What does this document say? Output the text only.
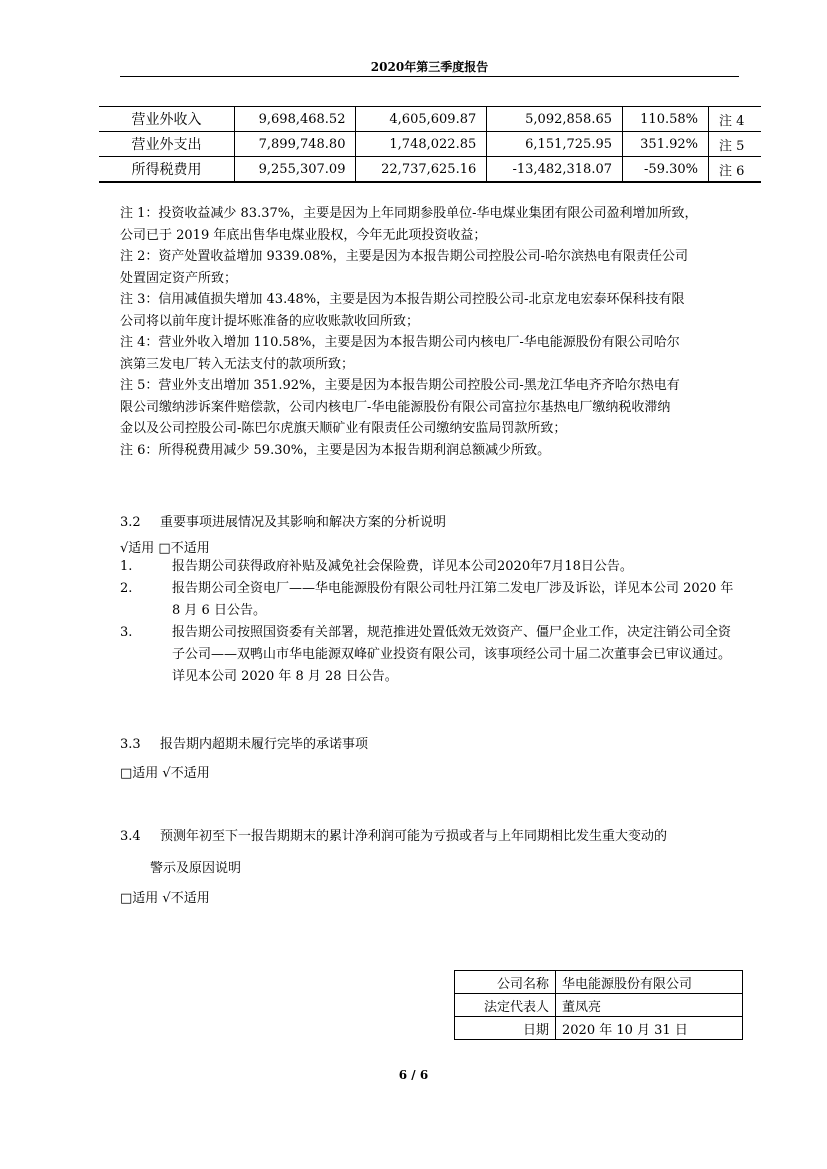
2020年第三季度报告
营业外收入	9,698,468.52	4,605,609.87	5,092,858.65	110.58%	注 4
营业外支出	7,899,748.80	1,748,022.85	6,151,725.95	351.92%	注 5
所得税费用	9,255,307.09	22,737,625.16	-13,482,318.07	-59.30%	注 6

注 1：投资收益减少 83.37%，主要是因为上年同期参股单位-华电煤业集团有限公司盈利增加所致，

公司已于 2019 年底出售华电煤业股权，今年无此项投资收益；

注 2：资产处置收益增加 9339.08%，主要是因为本报告期公司控股公司-哈尔滨热电有限责任公司

处置固定资产所致；

注 3：信用减值损失增加 43.48%，主要是因为本报告期公司控股公司-北京龙电宏泰环保科技有限

公司将以前年度计提坏账准备的应收账款收回所致；

注 4：营业外收入增加 110.58%，主要是因为本报告期公司内核电厂-华电能源股份有限公司哈尔

滨第三发电厂转入无法支付的款项所致；

注 5：营业外支出增加 351.92%，主要是因为本报告期公司控股公司-黑龙江华电齐齐哈尔热电有

限公司缴纳涉诉案件赔偿款，公司内核电厂-华电能源股份有限公司富拉尔基热电厂缴纳税收滞纳

金以及公司控股公司-陈巴尔虎旗天顺矿业有限责任公司缴纳安监局罚款所致；

注 6：所得税费用减少 59.30%，主要是因为本报告期利润总额减少所致。

3.2 重要事项进展情况及其影响和解决方案的分析说明
√适用 □不适用

1.	报告期公司获得政府补贴及减免社会保险费，详见本公司2020年7月18日公告。

2.	报告期公司全资电厂——华电能源股份有限公司牡丹江第二发电厂涉及诉讼，详见本公司 2020 年 8 月 6 日公告。

3.	报告期公司按照国资委有关部署，规范推进处置低效无效资产、僵尸企业工作，决定注销公司全资子公司——双鸭山市华电能源双峰矿业投资有限公司，该事项经公司十届二次董事会已审议通过。详见本公司 2020 年 8 月 28 日公告。

3.3 报告期内超期未履行完毕的承诺事项
□适用 √不适用
3.4 预测年初至下一报告期期末的累计净利润可能为亏损或者与上年同期相比发生重大变动的
警示及原因说明
□适用 √不适用
公司名称	华电能源股份有限公司
法定代表人	董凤亮
日期	2020 年 10 月 31 日
6 / 6
